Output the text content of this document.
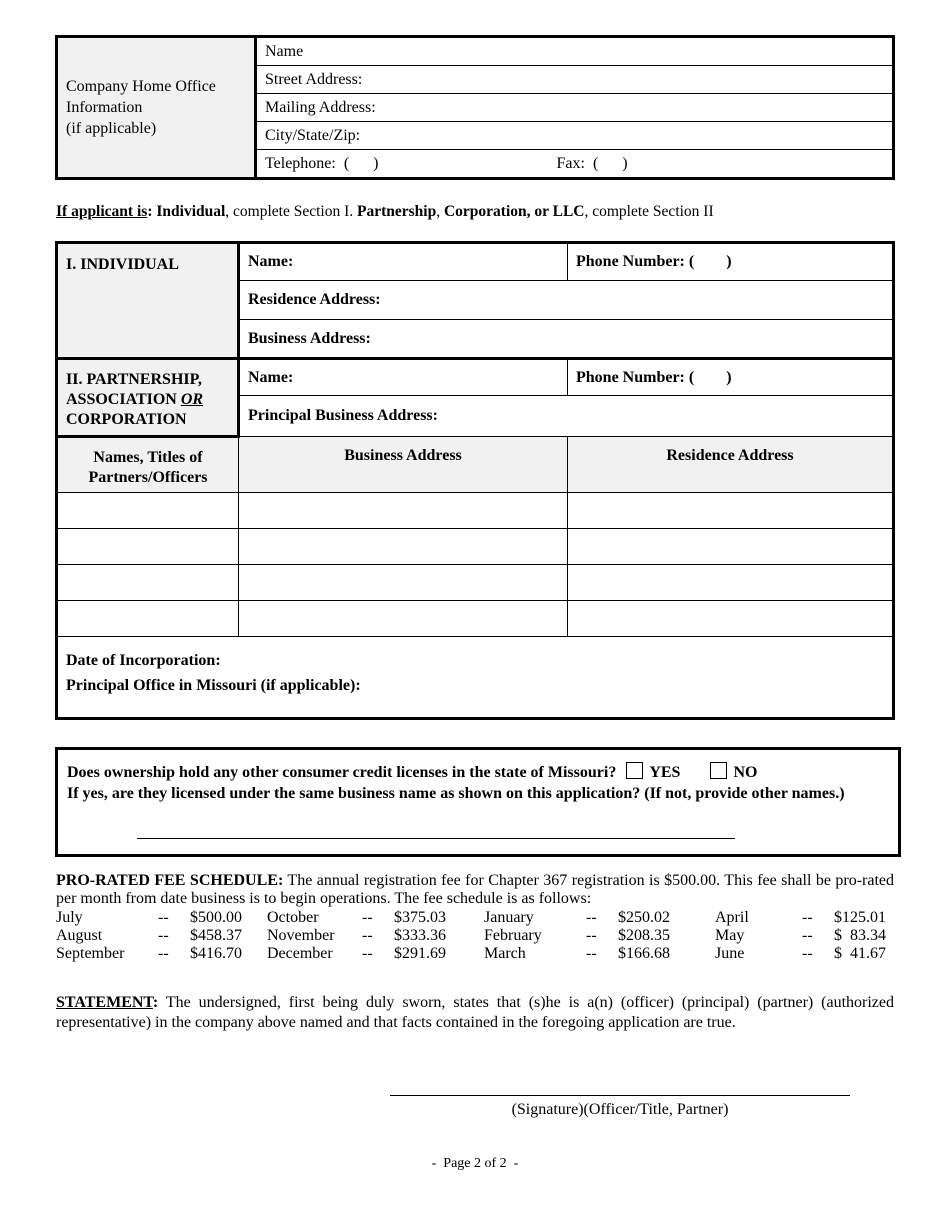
Company Home Office
Information
(if applicable)
	Name
Street Address:
Mailing Address:
City/State/Zip:
Telephone:  (      )	Fax:  (      )
If applicant is: Individual, complete Section I. Partnership, Corporation, or LLC, complete Section II
I. INDIVIDUAL	Name:	Phone Number: (        )
	Residence Address:	
	Business Address:	

II. PARTNERSHIP,
ASSOCIATION OR
CORPORATION	Name:	Phone Number: (        )
	Principal Business Address:	

Names, Titles of
Partners/Officers	Business Address	Residence Address

Date of Incorporation:
Principal Office in Missouri (if applicable):		
Does ownership hold any other consumer credit licenses in the state of Missouri? YES	NO
If yes, are they licensed under the same business name as shown on this application? (If not, provide other names.)
PRO-RATED FEE SCHEDULE: The annual registration fee for Chapter 367 registration is $500.00. This fee shall be pro-rated per month from date business is to begin operations. The fee schedule is as follows:
July	--	$500.00	October	--	$375.03	January	--	$250.02	April	--	$125.01
August	--	$458.37	November	--	$333.36	February	--	$208.35	May	--	$  83.34
September	--	$416.70	December	--	$291.69	March	--	$166.68	June	--	$  41.67
STATEMENT: The undersigned, first being duly sworn, states that (s)he is a(n) (officer) (principal) (partner) (authorized representative) in the company above named and that facts contained in the foregoing application are true.
(Signature)(Officer/Title, Partner)
-  Page 2 of 2  -
